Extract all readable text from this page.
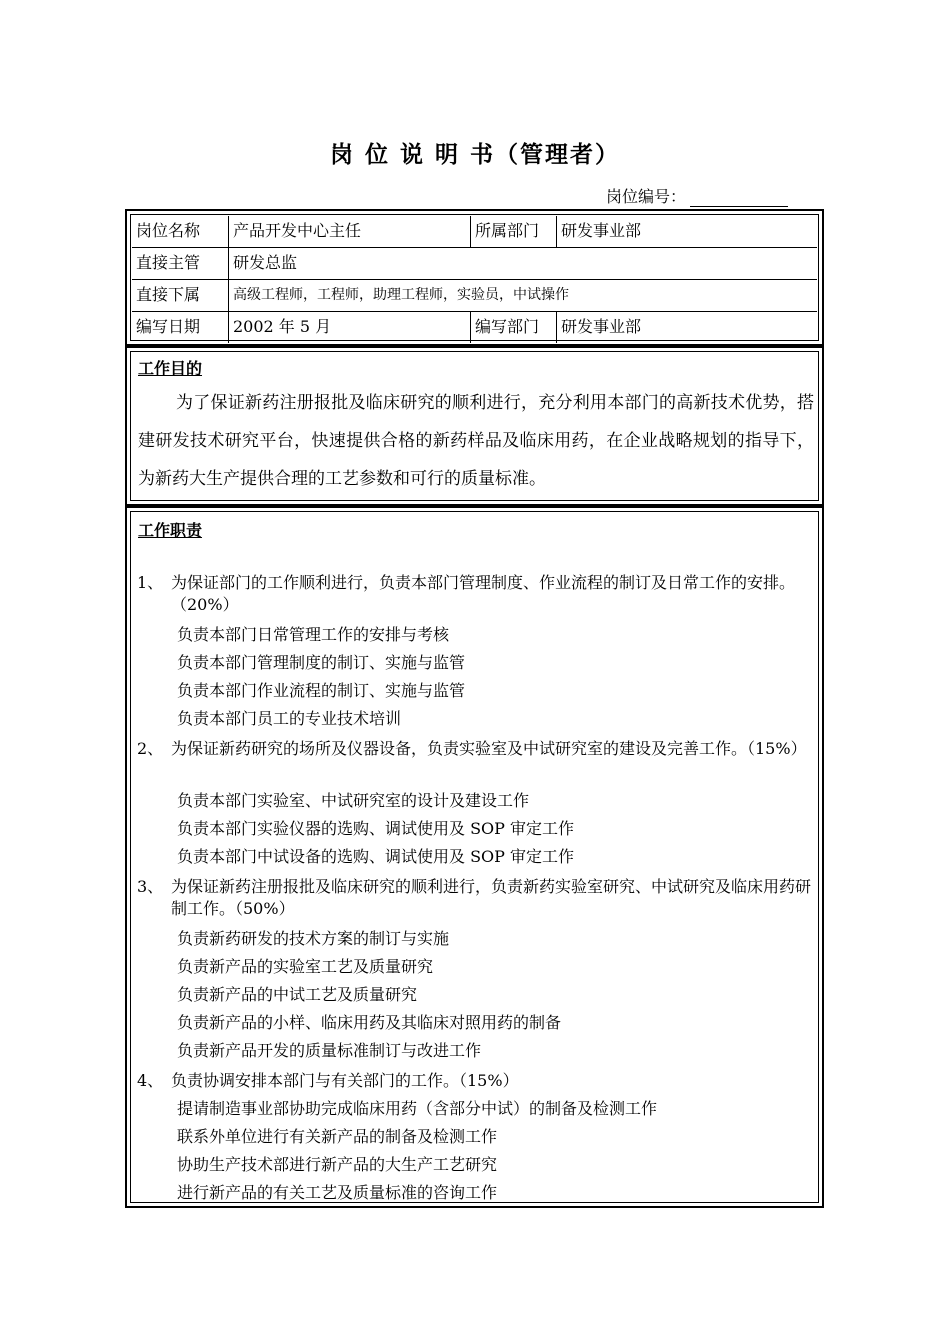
岗 位 说 明 书（管理者）
岗位编号：
岗位名称	产品开发中心主任	所属部门	研发事业部
直接主管	研发总监
直接下属	高级工程师，工程师，助理工程师，实验员，中试操作
编写日期	2002 年 5 月	编写部门	研发事业部
工作目的
为了保证新药注册报批及临床研究的顺利进行，充分利用本部门的高新技术优势，搭建研发技术研究平台，快速提供合格的新药样品及临床用药，在企业战略规划的指导下，为新药大生产提供合理的工艺参数和可行的质量标准。
工作职责
1、 为保证部门的工作顺利进行，负责本部门管理制度、作业流程的制订及日常工作的安排。（20%）
负责本部门日常管理工作的安排与考核
负责本部门管理制度的制订、实施与监管
负责本部门作业流程的制订、实施与监管
负责本部门员工的专业技术培训
2、 为保证新药研究的场所及仪器设备，负责实验室及中试研究室的建设及完善工作。（15%）
负责本部门实验室、中试研究室的设计及建设工作
负责本部门实验仪器的选购、调试使用及 SOP 审定工作
负责本部门中试设备的选购、调试使用及 SOP 审定工作
3、 为保证新药注册报批及临床研究的顺利进行，负责新药实验室研究、中试研究及临床用药研制工作。（50%）
负责新药研发的技术方案的制订与实施
负责新产品的实验室工艺及质量研究
负责新产品的中试工艺及质量研究
负责新产品的小样、临床用药及其临床对照用药的制备
负责新产品开发的质量标准制订与改进工作
4、 负责协调安排本部门与有关部门的工作。（15%）
提请制造事业部协助完成临床用药（含部分中试）的制备及检测工作
联系外单位进行有关新产品的制备及检测工作
协助生产技术部进行新产品的大生产工艺研究
进行新产品的有关工艺及质量标准的咨询工作
